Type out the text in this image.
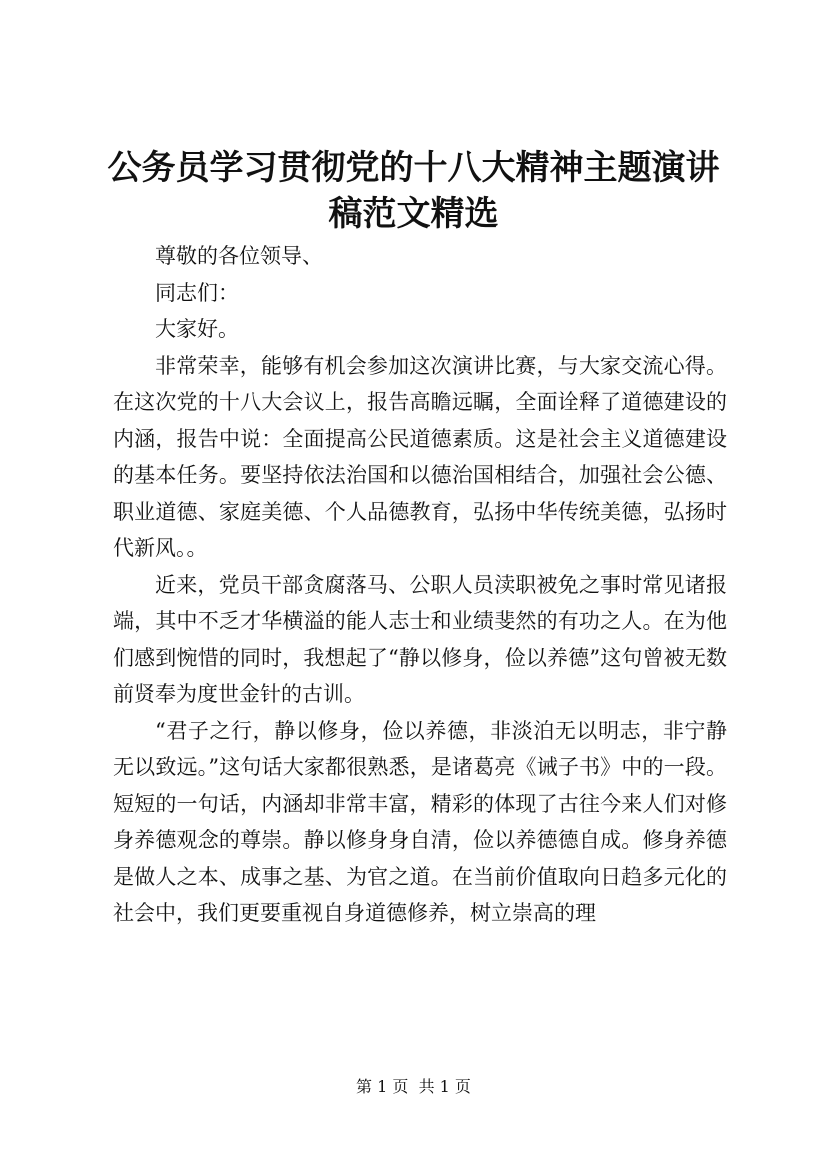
公务员学习贯彻党的十八大精神主题演讲稿范文精选

尊敬的各位领导、

同志们：

大家好。

非常荣幸，能够有机会参加这次演讲比赛，与大家交流心得。在这次党的十八大会议上，报告高瞻远瞩，全面诠释了道德建设的内涵，报告中说：全面提高公民道德素质。这是社会主义道德建设的基本任务。要坚持依法治国和以德治国相结合，加强社会公德、职业道德、家庭美德、个人品德教育，弘扬中华传统美德，弘扬时代新风。。

近来，党员干部贪腐落马、公职人员渎职被免之事时常见诸报端，其中不乏才华横溢的能人志士和业绩斐然的有功之人。在为他们感到惋惜的同时，我想起了“静以修身，俭以养德”这句曾被无数前贤奉为度世金针的古训。

“君子之行，静以修身，俭以养德，非淡泊无以明志，非宁静无以致远。”这句话大家都很熟悉，是诸葛亮《诫子书》中的一段。短短的一句话，内涵却非常丰富，精彩的体现了古往今来人们对修身养德观念的尊崇。静以修身身自清，俭以养德德自成。修身养德是做人之本、成事之基、为官之道。在当前价值取向日趋多元化的社会中，我们更要重视自身道德修养，树立崇高的理

第 1 页  共 1 页
